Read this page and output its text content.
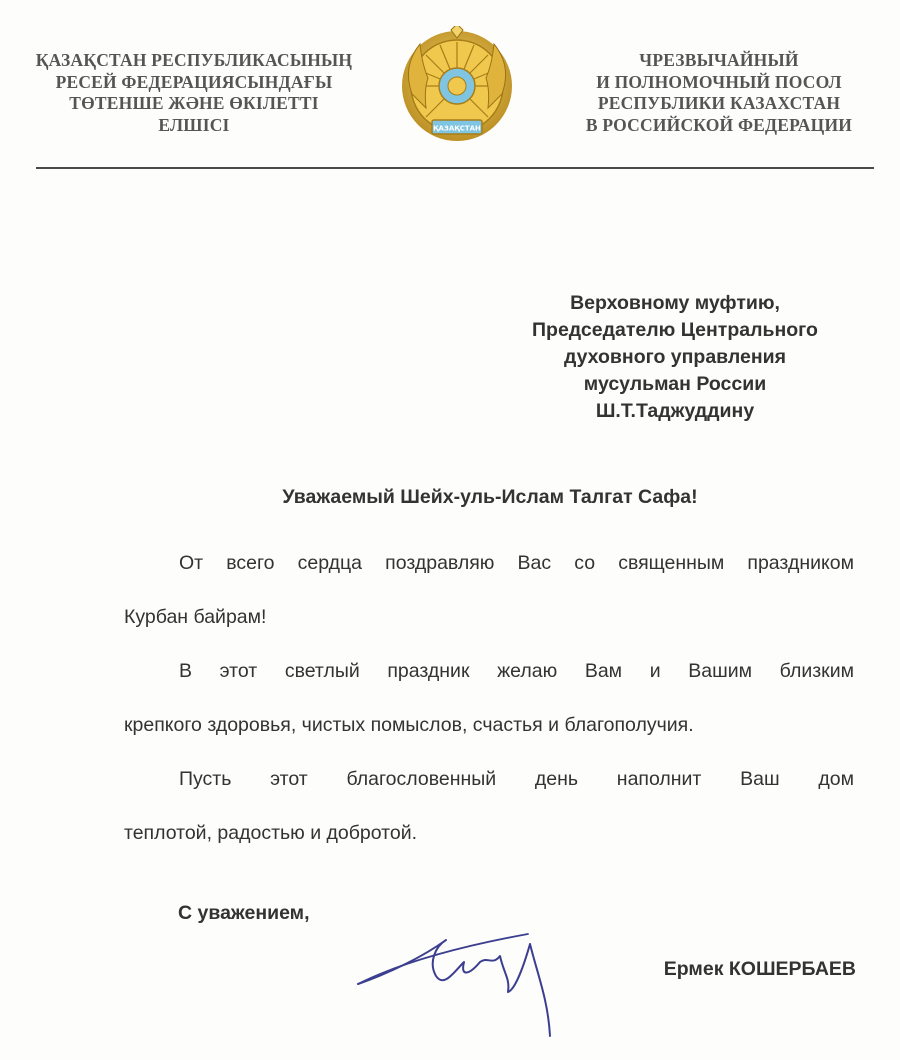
ҚАЗАҚСТАН РЕСПУБЛИКАСЫНЫҢ
РЕСЕЙ ФЕДЕРАЦИЯСЫНДАҒЫ
ТӨТЕНШЕ ЖӘНЕ ӨКІЛЕТТІ
ЕЛШІСІ	ҚАЗАҚСТАН
ЧРЕЗВЫЧАЙНЫЙ
И ПОЛНОМОЧНЫЙ ПОСОЛ
РЕСПУБЛИКИ КАЗАХСТАН
В РОССИЙСКОЙ ФЕДЕРАЦИИ
Верховному муфтию,
Председателю Центрального
духовного управления
мусульман России
Ш.Т.Таджуддину
Уважаемый Шейх-уль-Ислам Талгат Сафа!
От всего сердца поздравляю Вас со священным праздником
Курбан байрам!
В этот светлый праздник желаю Вам и Вашим близким
крепкого здоровья, чистых помыслов, счастья и благополучия.
Пусть этот благословенный день наполнит Ваш дом
теплотой, радостью и добротой.
С уважением,
Ермек КОШЕРБАЕВ
